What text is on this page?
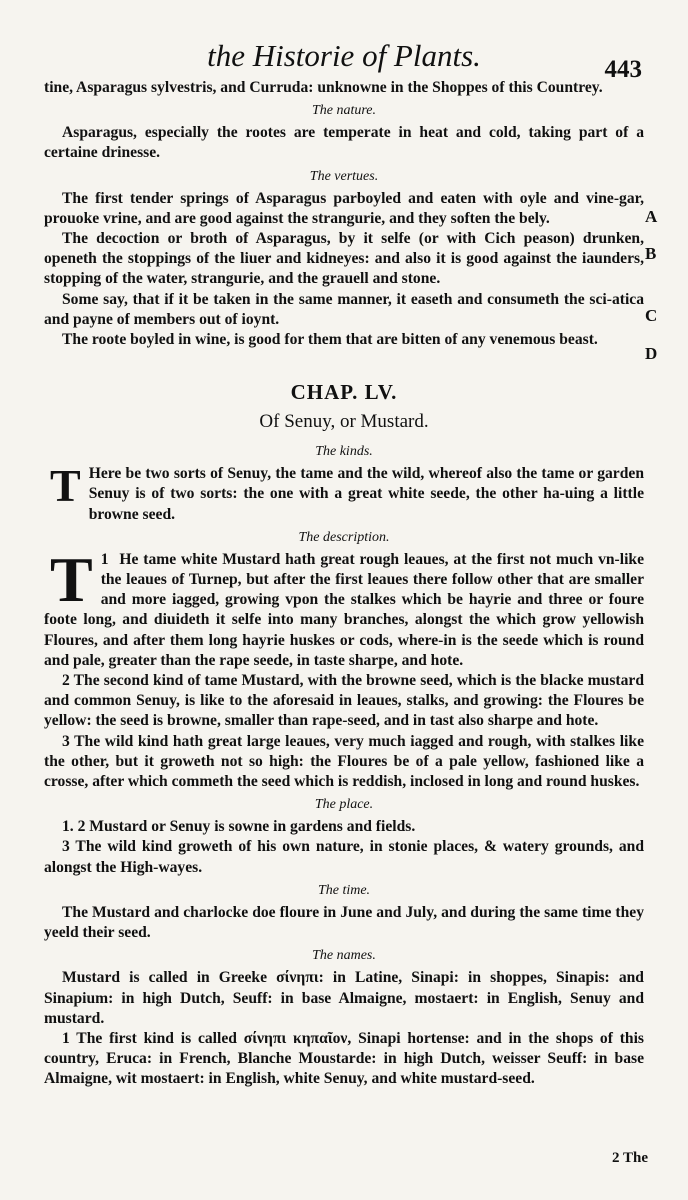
the Historie of Plants.	443
A
B
C
D

tine, Asparagus sylvestris, and Curruda: unknowne in the Shoppes of this Countrey.

The nature.

Asparagus, especially the rootes are temperate in heat and cold, taking part of a certaine drinesse.

The vertues.

The first tender springs of Asparagus parboyled and eaten with oyle and vine-gar, prouoke vrine, and are good against the strangurie, and they soften the bely.

The decoction or broth of Asparagus, by it selfe (or with Cich peason) drunken, openeth the stoppings of the liuer and kidneyes: and also it is good against the iaunders, stopping of the water, strangurie, and the grauell and stone.

Some say, that if it be taken in the same manner, it easeth and consumeth the sci-atica and payne of members out of ioynt.

The roote boyled in wine, is good for them that are bitten of any venemous beast.

CHAP. LV.
Of Senuy, or Mustard.
The kinds.

T Here be two sorts of Senuy, the tame and the wild, whereof also the tame or garden Senuy is of two sorts: the one with a great white seede, the other ha-uing a little browne seed.

The description.

1
T He tame white Mustard hath great rough leaues, at the first not much vn-like the leaues of Turnep, but after the first leaues there follow other that are smaller and more iagged, growing vpon the stalkes which be hayrie and three or foure foote long, and diuideth it selfe into many branches, alongst the which grow yellowish Floures, and after them long hayrie huskes or cods, where-in is the seede which is round and pale, greater than the rape seede, in taste sharpe, and hote.

2 The second kind of tame Mustard, with the browne seed, which is the blacke mustard and common Senuy, is like to the aforesaid in leaues, stalks, and growing: the Floures be yellow: the seed is browne, smaller than rape-seed, and in tast also sharpe and hote.

3 The wild kind hath great large leaues, very much iagged and rough, with stalkes like the other, but it groweth not so high: the Floures be of a pale yellow, fashioned like a crosse, after which commeth the seed which is reddish, inclosed in long and round huskes.

The place.

1. 2 Mustard or Senuy is sowne in gardens and fields.

3 The wild kind groweth of his own nature, in stonie places, & watery grounds, and alongst the High-wayes.

The time.

The Mustard and charlocke doe floure in June and July, and during the same time they yeeld their seed.

The names.

Mustard is called in Greeke σίνηπι: in Latine, Sinapi: in shoppes, Sinapis: and Sinapium: in high Dutch, Seuff: in base Almaigne, mostaert: in English, Senuy and mustard.

1 The first kind is called σίνηπι κηπαῖον, Sinapi hortense: and in the shops of this country, Eruca: in French, Blanche Moustarde: in high Dutch, weisser Seuff: in base Almaigne, wit mostaert: in English, white Senuy, and white mustard-seed.

2 The
